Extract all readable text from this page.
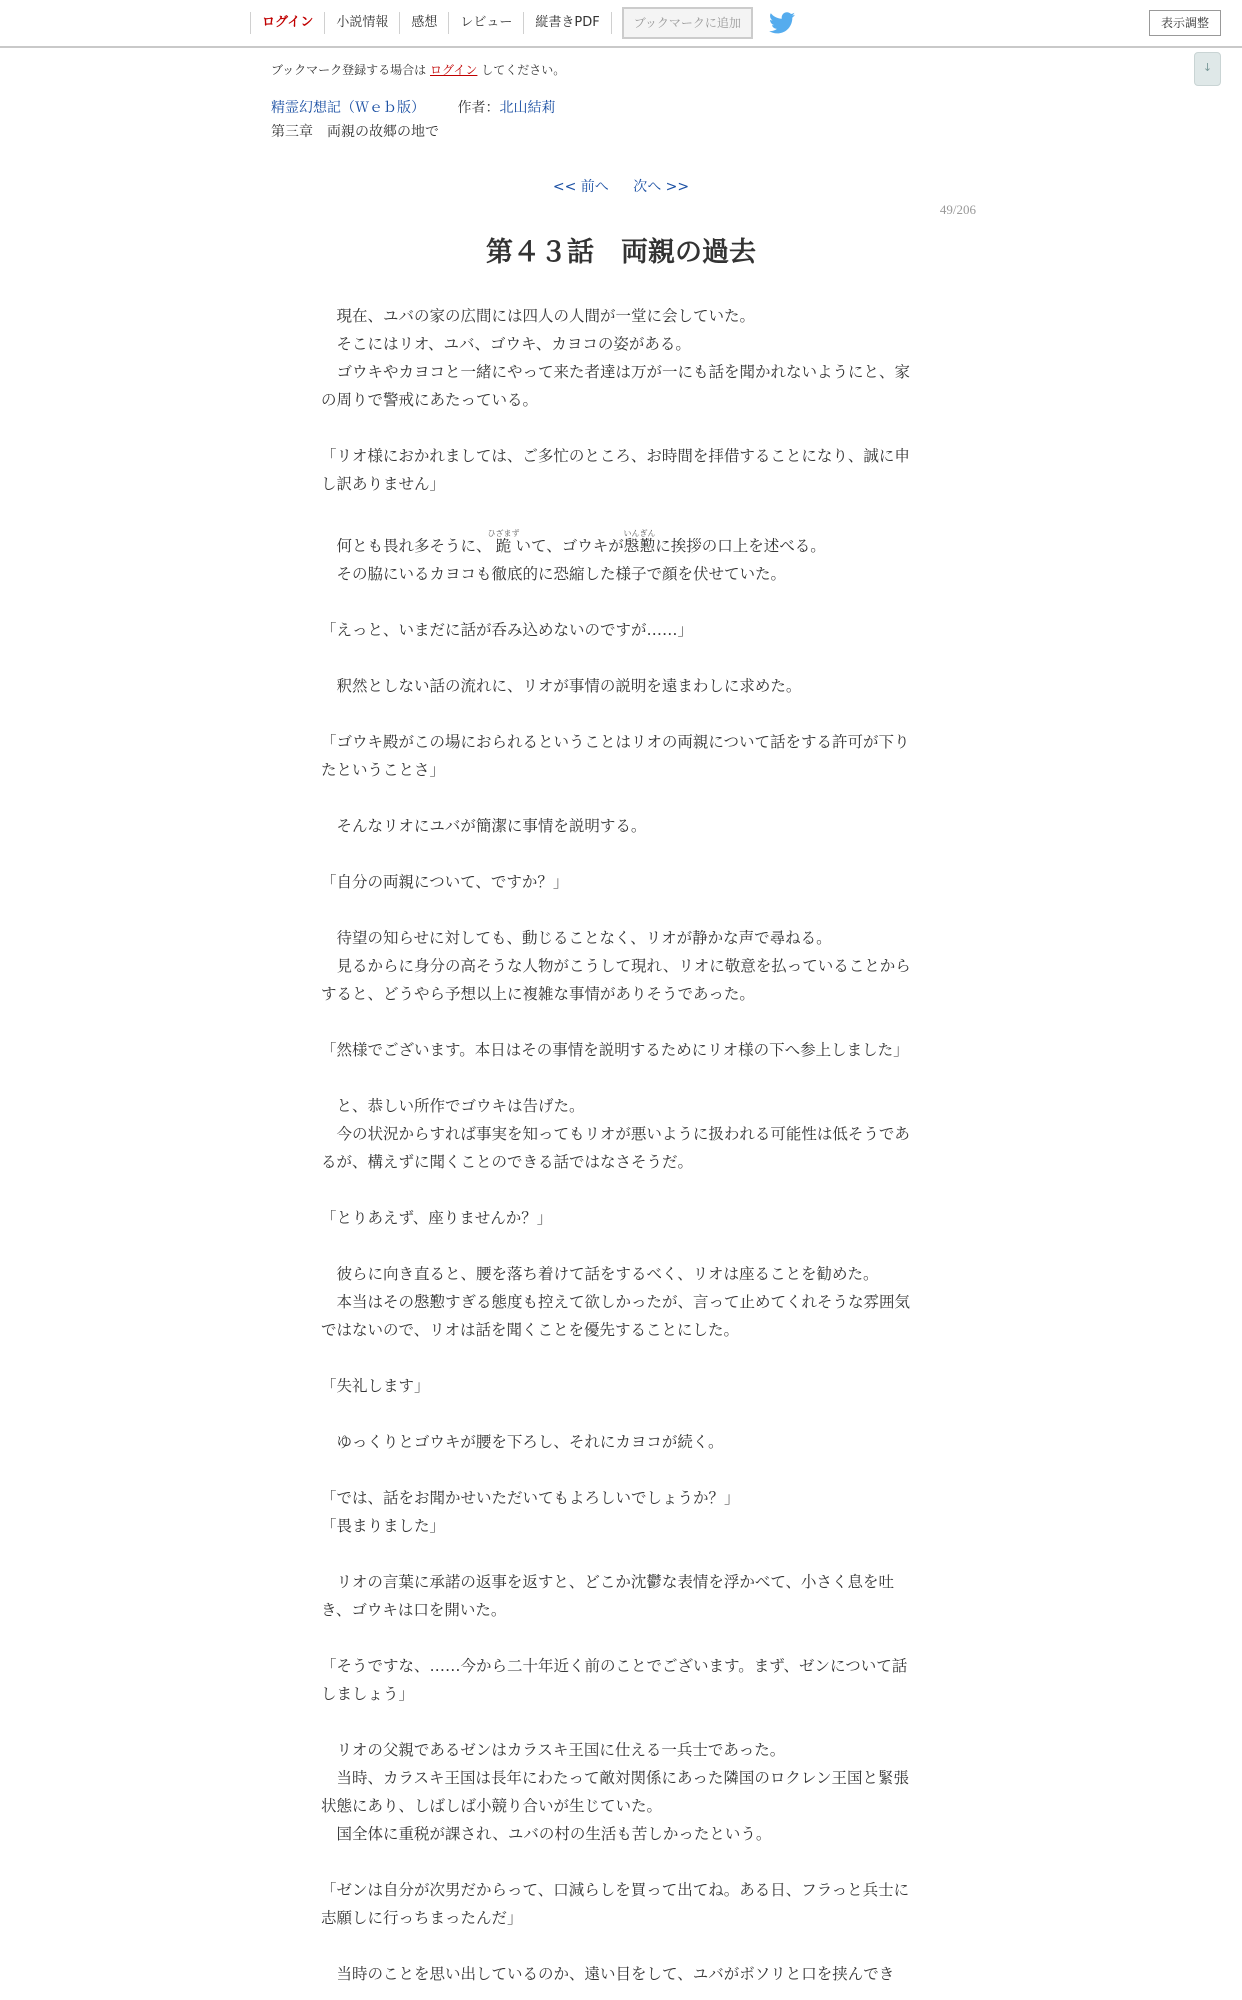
ログイン	小説情報	感想	レビュー	縦書きPDF	ブックマークに追加	表示調整
↓
ブックマーク登録する場合は ログイン してください。
精霊幻想記（Ｗｅｂ版） 作者：北山結莉
第三章　両親の故郷の地で
<< 前へ 次へ >>
49/206
第４３話　両親の過去

　現在、ユバの家の広間には四人の人間が一堂に会していた。

　そこにはリオ、ユバ、ゴウキ、カヨコの姿がある。

　ゴウキやカヨコと一緒にやって来た者達は万が一にも話を聞かれないようにと、家の周りで警戒にあたっている。

「リオ様におかれましては、ご多忙のところ、お時間を拝借することになり、誠に申し訳ありません」

　何とも畏れ多そうに、跪ひざまずいて、ゴウキが慇懃いんぎんに挨拶の口上を述べる。

　その脇にいるカヨコも徹底的に恐縮した様子で顔を伏せていた。

「えっと、いまだに話が呑み込めないのですが……」

　釈然としない話の流れに、リオが事情の説明を遠まわしに求めた。

「ゴウキ殿がこの場におられるということはリオの両親について話をする許可が下りたということさ」

　そんなリオにユバが簡潔に事情を説明する。

「自分の両親について、ですか？」

　待望の知らせに対しても、動じることなく、リオが静かな声で尋ねる。

　見るからに身分の高そうな人物がこうして現れ、リオに敬意を払っていることからすると、どうやら予想以上に複雑な事情がありそうであった。

「然様でございます。本日はその事情を説明するためにリオ様の下へ参上しました」

　と、恭しい所作でゴウキは告げた。

　今の状況からすれば事実を知ってもリオが悪いように扱われる可能性は低そうであるが、構えずに聞くことのできる話ではなさそうだ。

「とりあえず、座りませんか？」

　彼らに向き直ると、腰を落ち着けて話をするべく、リオは座ることを勧めた。

　本当はその慇懃すぎる態度も控えて欲しかったが、言って止めてくれそうな雰囲気ではないので、リオは話を聞くことを優先することにした。

「失礼します」

　ゆっくりとゴウキが腰を下ろし、それにカヨコが続く。

「では、話をお聞かせいただいてもよろしいでしょうか？」

「畏まりました」

　リオの言葉に承諾の返事を返すと、どこか沈鬱な表情を浮かべて、小さく息を吐き、ゴウキは口を開いた。

「そうですな、……今から二十年近く前のことでございます。まず、ゼンについて話しましょう」

　リオの父親であるゼンはカラスキ王国に仕える一兵士であった。

　当時、カラスキ王国は長年にわたって敵対関係にあった隣国のロクレン王国と緊張状態にあり、しばしば小競り合いが生じていた。

　国全体に重税が課され、ユバの村の生活も苦しかったという。

「ゼンは自分が次男だからって、口減らしを買って出てね。ある日、フラっと兵士に志願しに行っちまったんだ」

　当時のことを思い出しているのか、遠い目をして、ユバがボソリと口を挟んでき
